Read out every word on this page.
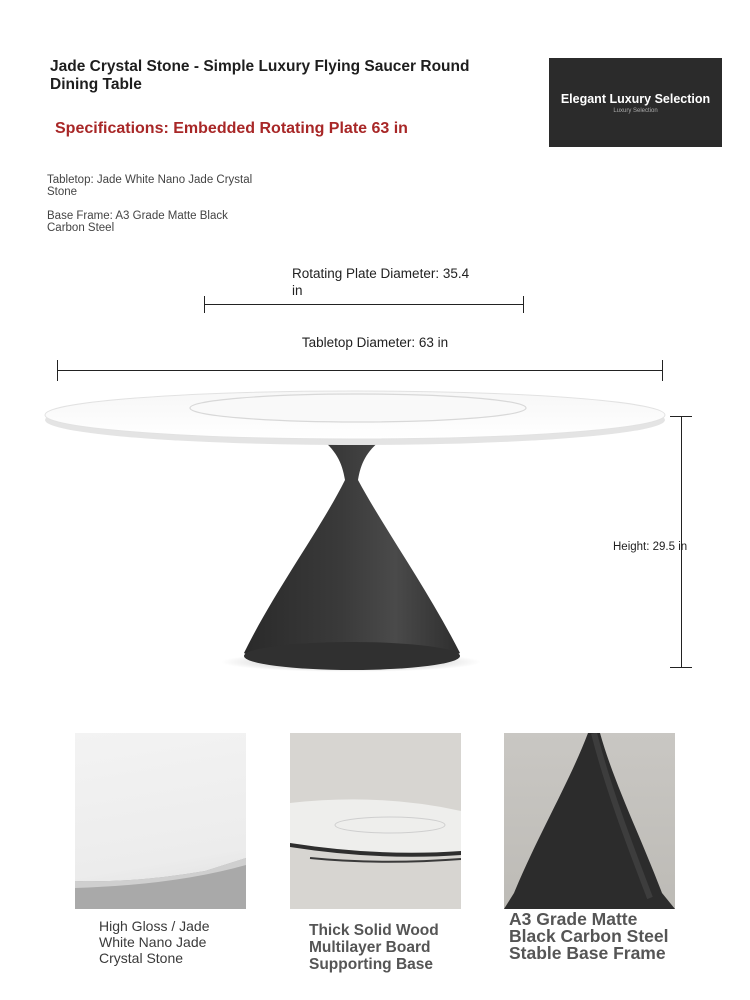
Jade Crystal Stone - Simple Luxury Flying Saucer Round Dining Table
Specifications: Embedded Rotating Plate 63 in
Elegant Luxury Selection
Luxury Selection
Tabletop: Jade White Nano Jade Crystal Stone
Base Frame: A3 Grade Matte Black Carbon Steel
Rotating Plate Diameter: 35.4 in
Tabletop Diameter: 63 in
Height: 29.5 in
High Gloss / Jade White Nano Jade Crystal Stone
Thick Solid Wood Multilayer Board Supporting Base
A3 Grade Matte Black Carbon Steel Stable Base Frame
